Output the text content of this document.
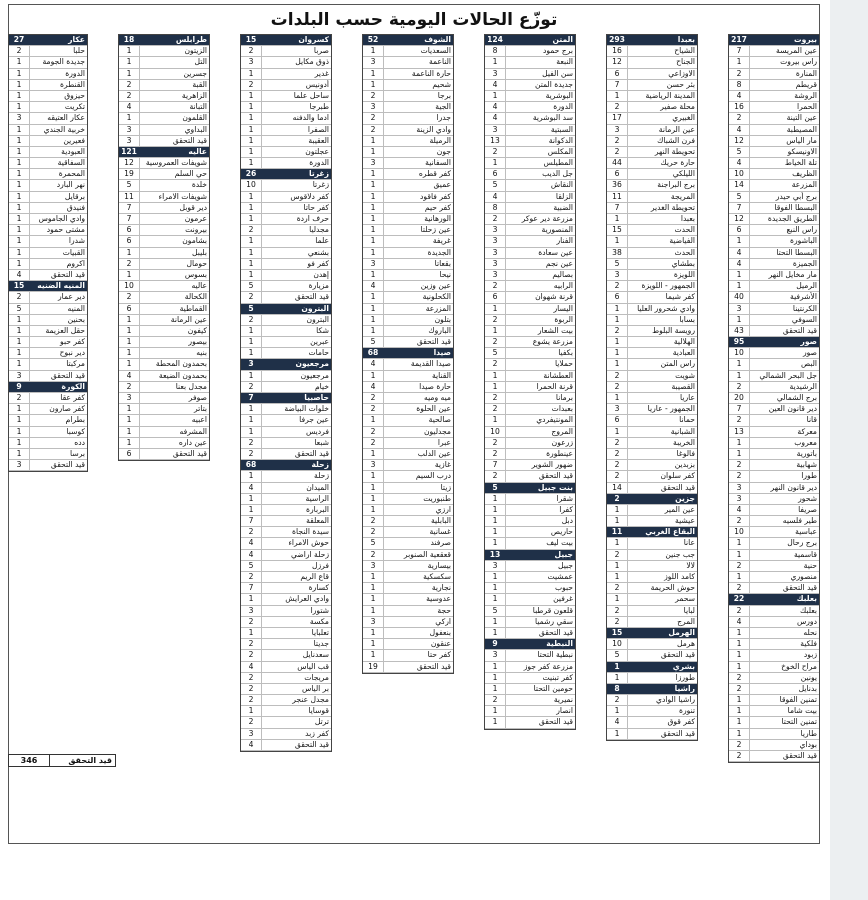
توزّع الحالات اليومية حسب البلدات
346	قيد التحقق
217	بيروت
7	عين المريسة
1	راس بيروت
2	المنارة
8	قريطم
4	الروشة
16	الحمرا
2	عين التينة
4	المصيطبة
12	مار الياس
5	الاونيسكو
4	تلة الخياط
10	الظريف
14	المزرعة
5	برج أبي حيدر
7	البسطا الفوقا
12	الطريق الجديدة
6	راس النبع
1	الباشورة
4	البسطا التحتا
4	الجميزة
1	مار مخايل النهر
1	الرميل
40	الأشرفية
3	الكرنتينا
1	السوفي
43	قيد التحقق
95	صور
10	صور
1	البص
1	جل البحر الشمالي
2	الرشيدية
20	برج الشمالي
7	دير قانون العين
2	قانا
13	معركة
1	معروب
1	باتورية
2	شهابية
2	طورا
3	دير قانون النهر
3	شحور
4	صريفا
2	طير فلسيه
10	عباسية
1	برج رحال
1	قاسمية
2	حنية
1	منصوري
2	قيد التحقق
22	بعلبك
2	بعلبك
4	دورس
1	نحله
1	فلكية
1	زبود
1	مراح الخوخ
2	يونين
2	بدنايل
1	تمنين الفوقا
1	بيت شاما
1	تمنين التحتا
1	طاريا
2	بوداي
2	قيد التحقق
293	بعبدا
16	الشياح
12	الجناح
6	الاوزاعي
7	بئر حسن
1	المدينة الرياضية
2	محلة صفير
17	الغبيري
3	عين الرمانة
2	فرن الشباك
2	تحويطة النهر
44	حارة حريك
6	الليلكي
36	برج البراجنة
11	المريجة
7	تحويطة الغدير
1	بعبدا
15	الحدت
1	الفياضية
38	الحدث
5	بطشاي
3	اللويزة
2	الجمهور - اللويزة
6	كفر شيما
1	وادي شحرور العليا
1	بسابا
2	رويسة البلوط
1	الهلالية
1	العبادية
1	راس المتن
2	شويت
2	القصيبة
1	عاريا
3	الجمهور - عاريا
6	حمانا
1	الشبانية
2	الخريبة
2	فالوغا
2	بزبدين
2	كفر سلوان
14	قيد التحقق
2	جزين
1	عين المير
1	عيشية
11	البقاع الغربي
1	عانا
2	جب جنين
1	لالا
1	كامد اللوز
2	حوش الحريمة
1	سحمر
2	لبايا
2	المرج
15	الهرمل
10	هرمل
5	قيد التحقق
1	بشري
1	طورزا
8	راشيا
2	راشيا الوادي
1	تنورة
4	كفر قوق
1	قيد التحقق
124	المتن
8	برج حمود
1	النبعة
3	سن الفيل
4	جديدة المتن
1	البوشرية
4	الدورة
4	سد البوشرية
3	السبتية
13	الدكوانة
2	المكلس
1	المطيلس
6	جل الديب
5	النقاش
4	الزلقا
8	الضبية
2	مزرعة دير عوكر
3	المنصورية
3	الفنار
3	عين سعادة
3	عين نجم
3	بصاليم
2	الرابيه
6	قرنة شهوان
1	اليسار
2	الربوة
1	بيت الشعار
2	مزرعة يشوع
5	بكفيا
2	حملايا
1	العطشانة
1	قرنة الحمرا
2	برمانا
2	بعبدات
1	المونتيفردي
10	المروج
2	زرعون
2	عينطورة
7	ضهور الشوير
2	قيد التحقق
5	بنت جبيل
1	شقرا
1	كفرا
1	دبل
1	حاريص
1	بيت ليف
13	جبيل
3	جبيل
1	عمشيت
1	حبوب
1	غرفين
5	قلعون قرطبا
1	سقي رشميا
1	قيد التحقق
9	النبطية
3	نبطية التحتا
1	مزرعة كفر جوز
1	كفر تبنيت
1	حومين التحتا
2	نميرية
1	انصار
1	قيد التحقق
52	الشوف
1	السعديات
3	الناعمة
1	حارة الناعمة
1	شحيم
2	برجا
3	الجية
2	جدرا
2	وادي الزينة
1	الرميلة
1	جون
3	السفانية
1	كفر قطره
1	عميق
1	كفر فاقود
1	كفر حيم
1	الورهانية
1	عين زحلتا
1	غريفة
1	الجديدة
3	بقعاتا
1	نيحا
4	عين وزين
1	الكحلونية
1	المزرعة
1	بتلون
1	الباروك
5	قيد التحقق
68	صيدا
4	صيدا القديمة
1	القناية
4	حارة صيدا
2	ميه وميه
2	عين الحلوة
1	صالحية
2	مجدليون
2	عبرا
1	عين الدلب
3	غازية
1	درب السيم
1	زيتا
1	طنبوريت
1	ارزي
2	البابلية
2	غسانية
5	صرفند
2	قعقعية الصنوبر
3	بيسارية
1	سكسكية
1	نجارية
1	عدوسية
1	حجة
3	اركي
1	بنعفول
1	عنقون
1	كفر حتا
19	قيد التحقق
15	كسروان
2	صربا
3	ذوق مكايل
1	غدير
2	أدونيس
1	ساحل علما
1	طبرجا
1	ادما والدفنه
1	الصفرا
1	العقيبة
1	عجلتون
1	الدورة
26	زغرتا
10	زغرتا
1	كفر دلاقوس
1	كفر حاتا
1	حرف اردة
2	مجدليا
1	علما
1	بشنعي
1	كفر فو
1	إهدن
5	مزيارة
2	قيد التحقق
5	البترون
2	البترون
1	شكا
1	عبرين
1	حامات
3	مرجعيون
1	مرجعيون
2	خيام
7	حاصبيا
1	خلوات البياضة
1	عين جرفا
1	فرديس
2	شبعا
2	قيد التحقق
68	زحلة
1	زحلة
4	الميدان
1	الراسية
1	البربارة
7	المعلقة
2	سيدة النجاة
4	حوش الامراء
4	زحلة اراضي
5	فرزل
2	قاع الريم
7	كسارة
1	وادي العرايش
3	شتورا
2	مكسة
1	تعلبايا
2	جديتا
2	سعدنايل
4	قب الياس
2	مريجات
2	بر الياس
2	مجدل عنجر
1	قوسايا
2	ترتل
3	كفر زبد
4	قيد التحقق
18	طرابلس
1	الزيتون
1	التل
1	جسرين
2	القبة
2	الزاهرية
4	التبانة
1	القلمون
3	البداوي
3	قيد التحقق
121	عاليه
12	شويفات العمروسية
19	حي السلم
5	خلدة
11	شويفات الامراء
7	دير قوبل
7	عرمون
6	بيرونت
6	بشامون
1	بليبل
2	حومال
1	بسوس
10	عاليه
2	الكحالة
6	القماطية
1	عين الرمانة
1	كيفون
1	بيصور
1	بنيه
1	بحمدون المحطة
4	بحمدون الضيعة
2	مجدل بعنا
3	صوفر
1	بتاتر
1	اعبيه
1	المشرفه
1	عين داره
6	قيد التحقق
27	عكار
2	حلبا
1	جديدة الجومة
1	الدورة
1	القنطرة
1	حيزوق
1	تكريت
3	عكار العتيقه
1	خربية الجندي
1	فعيرين
1	العبودية
1	السفاقية
1	المحمرة
1	نهر البارد
1	برقايل
1	فنيدق
1	وادي الجاموس
1	مشتى حمود
1	شدرا
1	القبيات
1	اكروم
4	قيد التحقق
15	المنيه الضنيه
2	دير عمار
5	المنيه
1	بحنين
1	حقل العزيمة
1	كفر حبو
1	دير نبوح
1	مركبتا
3	قيد التحقق
9	الكورة
2	كفر عقا
1	كفر صارون
1	بطرام
1	كوسبا
1	دده
1	برسا
3	قيد التحقق
